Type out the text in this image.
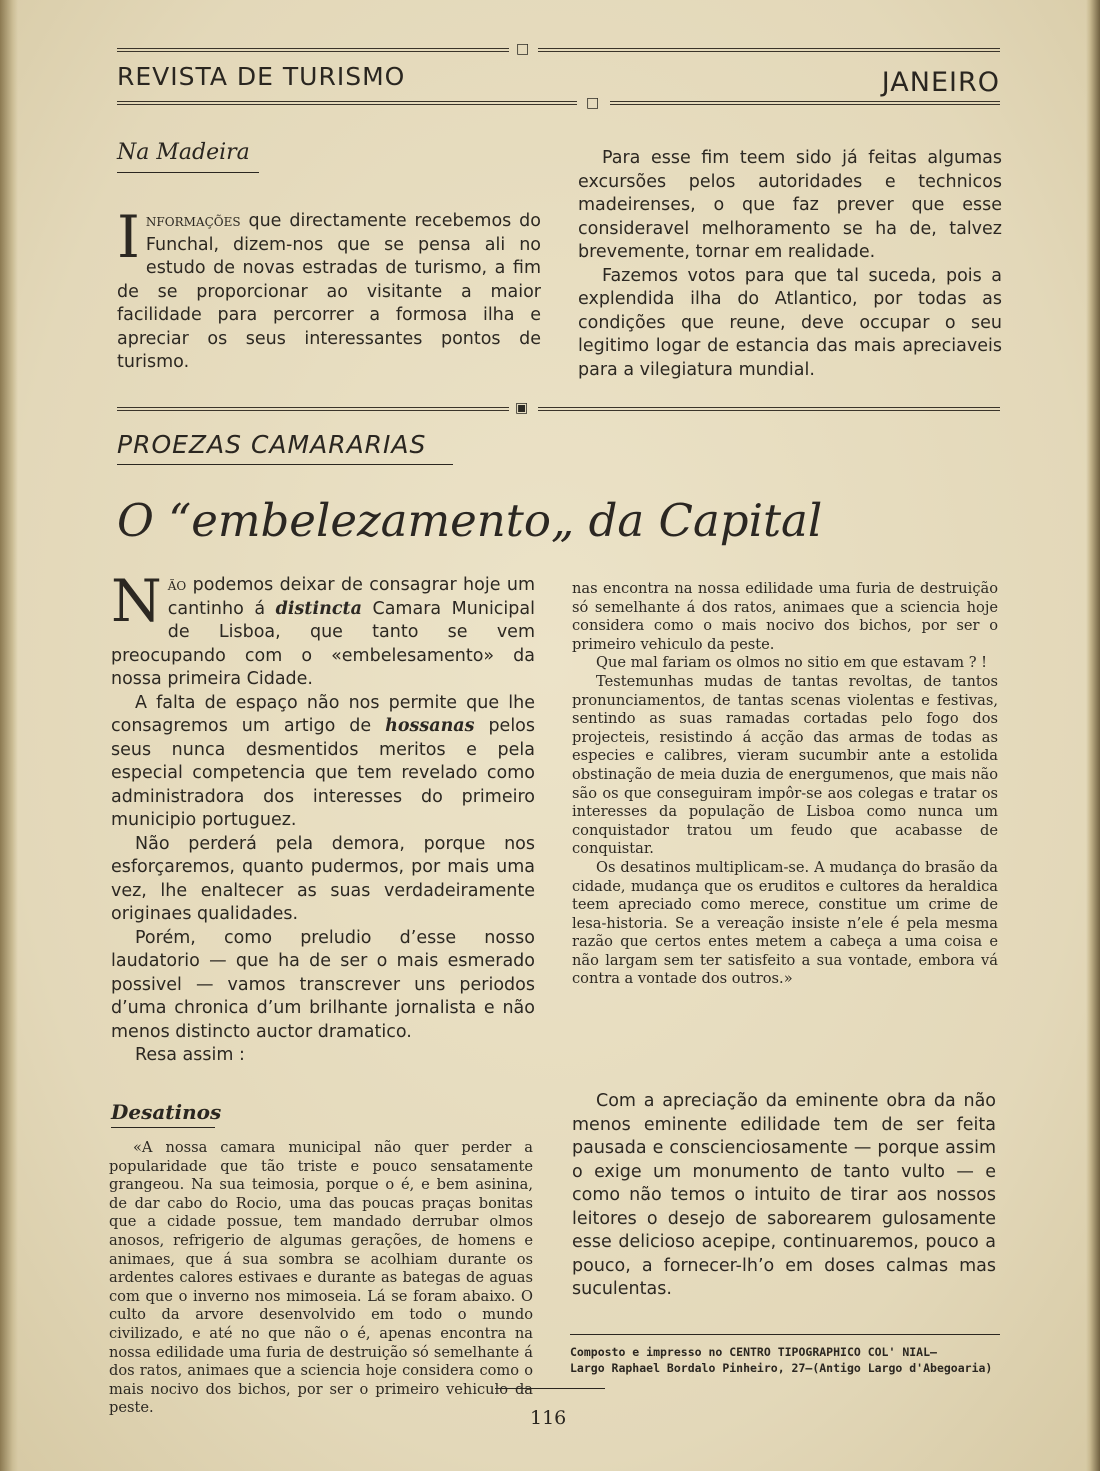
□
REVISTA DE TURISMO	JANEIRO
□
Na Madeira

Informações que directamente recebemos do Funchal, dizem-nos que se pensa ali no estudo de novas estradas de turismo, a fim de se proporcionar ao visitante a maior facilidade para percorrer a formosa ilha e apreciar os seus interessantes pontos de turismo.

Para esse fim teem sido já feitas algumas excursões pelos autoridades e technicos madeirenses, o que faz prever que esse consideravel melhoramento se ha de, talvez brevemente, tornar em realidade.

Fazemos votos para que tal suceda, pois a explendida ilha do Atlantico, por todas as condições que reune, deve occupar o seu legitimo logar de estancia das mais apreciaveis para a vilegiatura mundial.

▣
PROEZAS CAMARARIAS
O “embelezamento„ da Capital

Não podemos deixar de consagrar hoje um cantinho á distincta Camara Municipal de Lisboa, que tanto se vem preocupando com o «embelesamento» da nossa primeira Cidade.

A falta de espaço não nos permite que lhe consagremos um artigo de hossanas pelos seus nunca desmentidos meritos e pela especial competencia que tem revelado como administradora dos interesses do primeiro municipio portuguez.

Não perderá pela demora, porque nos esforçaremos, quanto pudermos, por mais uma vez, lhe enaltecer as suas verdadeiramente originaes qualidades.

Porém, como preludio d’esse nosso laudatorio — que ha de ser o mais esmerado possivel — vamos transcrever uns periodos d’uma chronica d’um brilhante jornalista e não menos distincto auctor dramatico.

Resa assim :

Desatinos

«A nossa camara municipal não quer perder a popularidade que tão triste e pouco sensatamente grangeou. Na sua teimosia, porque o é, e bem asinina, de dar cabo do Rocio, uma das poucas praças bonitas que a cidade possue, tem mandado derrubar olmos anosos, refrigerio de algumas gerações, de homens e animaes, que á sua sombra se acolhiam durante os ardentes calores estivaes e durante as bategas de aguas com que o inverno nos mimoseia. Lá se foram abaixo. O culto da arvore desenvolvido em todo o mundo civilizado, e até no que não o é, apenas encontra na nossa edilidade uma furia de destruição só semelhante á dos ratos, animaes que a sciencia hoje considera como o mais nocivo dos bichos, por ser o primeiro vehiculo da peste.

nas encontra na nossa edilidade uma furia de destruição só semelhante á dos ratos, animaes que a sciencia hoje considera como o mais nocivo dos bichos, por ser o primeiro vehiculo da peste.

Que mal fariam os olmos no sitio em que estavam ? !

Testemunhas mudas de tantas revoltas, de tantos pronunciamentos, de tantas scenas violentas e festivas, sentindo as suas ramadas cortadas pelo fogo dos projecteis, resistindo á acção das armas de todas as especies e calibres, vieram sucumbir ante a estolida obstinação de meia duzia de energumenos, que mais não são os que conseguiram impôr-se aos colegas e tratar os interesses da população de Lisboa como nunca um conquistador tratou um feudo que acabasse de conquistar.

Os desatinos multiplicam-se. A mudança do brasão da cidade, mudança que os eruditos e cultores da heraldica teem apreciado como merece, constitue um crime de lesa-historia. Se a vereação insiste n’ele é pela mesma razão que certos entes metem a cabeça a uma coisa e não largam sem ter satisfeito a sua vontade, embora vá contra a vontade dos outros.»

Com a apreciação da eminente obra da não menos eminente edilidade tem de ser feita pausada e conscienciosamente — porque assim o exige um monumento de tanto vulto — e como não temos o intuito de tirar aos nossos leitores o desejo de saborearem gulosamente esse delicioso acepipe, continuaremos, pouco a pouco, a fornecer-lh’o em doses calmas mas suculentas.

Composto e impresso no CENTRO TIPOGRAPHICO COL' NIAL—
Largo Raphael Bordalo Pinheiro, 27—(Antigo Largo d'Abegoaria)
116
